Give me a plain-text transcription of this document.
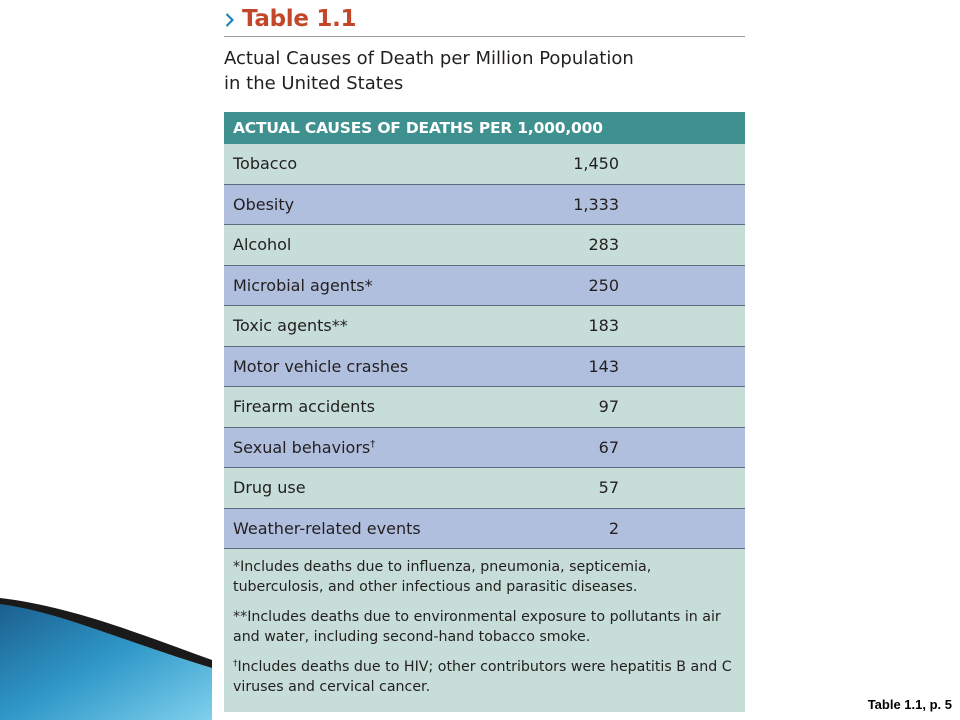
Table 1.1
Actual Causes of Death per Million Population
in the United States
ACTUAL CAUSES OF DEATHS PER 1,000,000
Tobacco	1,450
Obesity	1,333
Alcohol	283
Microbial agents*	250
Toxic agents**	183
Motor vehicle crashes	143
Firearm accidents	97
Sexual behaviors†	67
Drug use	57
Weather-related events	2
*Includes deaths due to influenza, pneumonia, septicemia, tuberculosis, and other infectious and parasitic diseases.
**Includes deaths due to environmental exposure to pollutants in air and water, including second-hand tobacco smoke.
†Includes deaths due to HIV; other contributors were hepatitis B and C viruses and cervical cancer.
Table 1.1, p. 5
